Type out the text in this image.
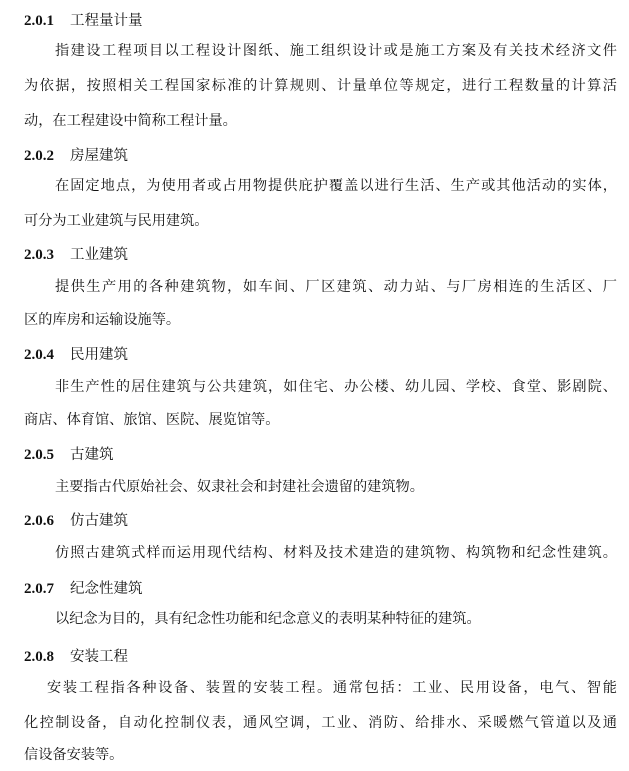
2.0.1 工程量计量
指建设工程项目以工程设计图纸、施工组织设计或是施工方案及有关技术经济文件
为依据，按照相关工程国家标准的计算规则、计量单位等规定，进行工程数量的计算活
动，在工程建设中简称工程计量。
2.0.2 房屋建筑
在固定地点，为使用者或占用物提供庇护覆盖以进行生活、生产或其他活动的实体，
可分为工业建筑与民用建筑。
2.0.3 工业建筑
提供生产用的各种建筑物，如车间、厂区建筑、动力站、与厂房相连的生活区、厂
区的库房和运输设施等。
2.0.4 民用建筑
非生产性的居住建筑与公共建筑，如住宅、办公楼、幼儿园、学校、食堂、影剧院、
商店、体育馆、旅馆、医院、展览馆等。
2.0.5 古建筑
主要指古代原始社会、奴隶社会和封建社会遗留的建筑物。
2.0.6 仿古建筑
仿照古建筑式样而运用现代结构、材料及技术建造的建筑物、构筑物和纪念性建筑。
2.0.7 纪念性建筑
以纪念为目的，具有纪念性功能和纪念意义的表明某种特征的建筑。
2.0.8 安装工程
安装工程指各种设备、装置的安装工程。通常包括：工业、民用设备，电气、智能
化控制设备，自动化控制仪表，通风空调，工业、消防、给排水、采暖燃气管道以及通
信设备安装等。
